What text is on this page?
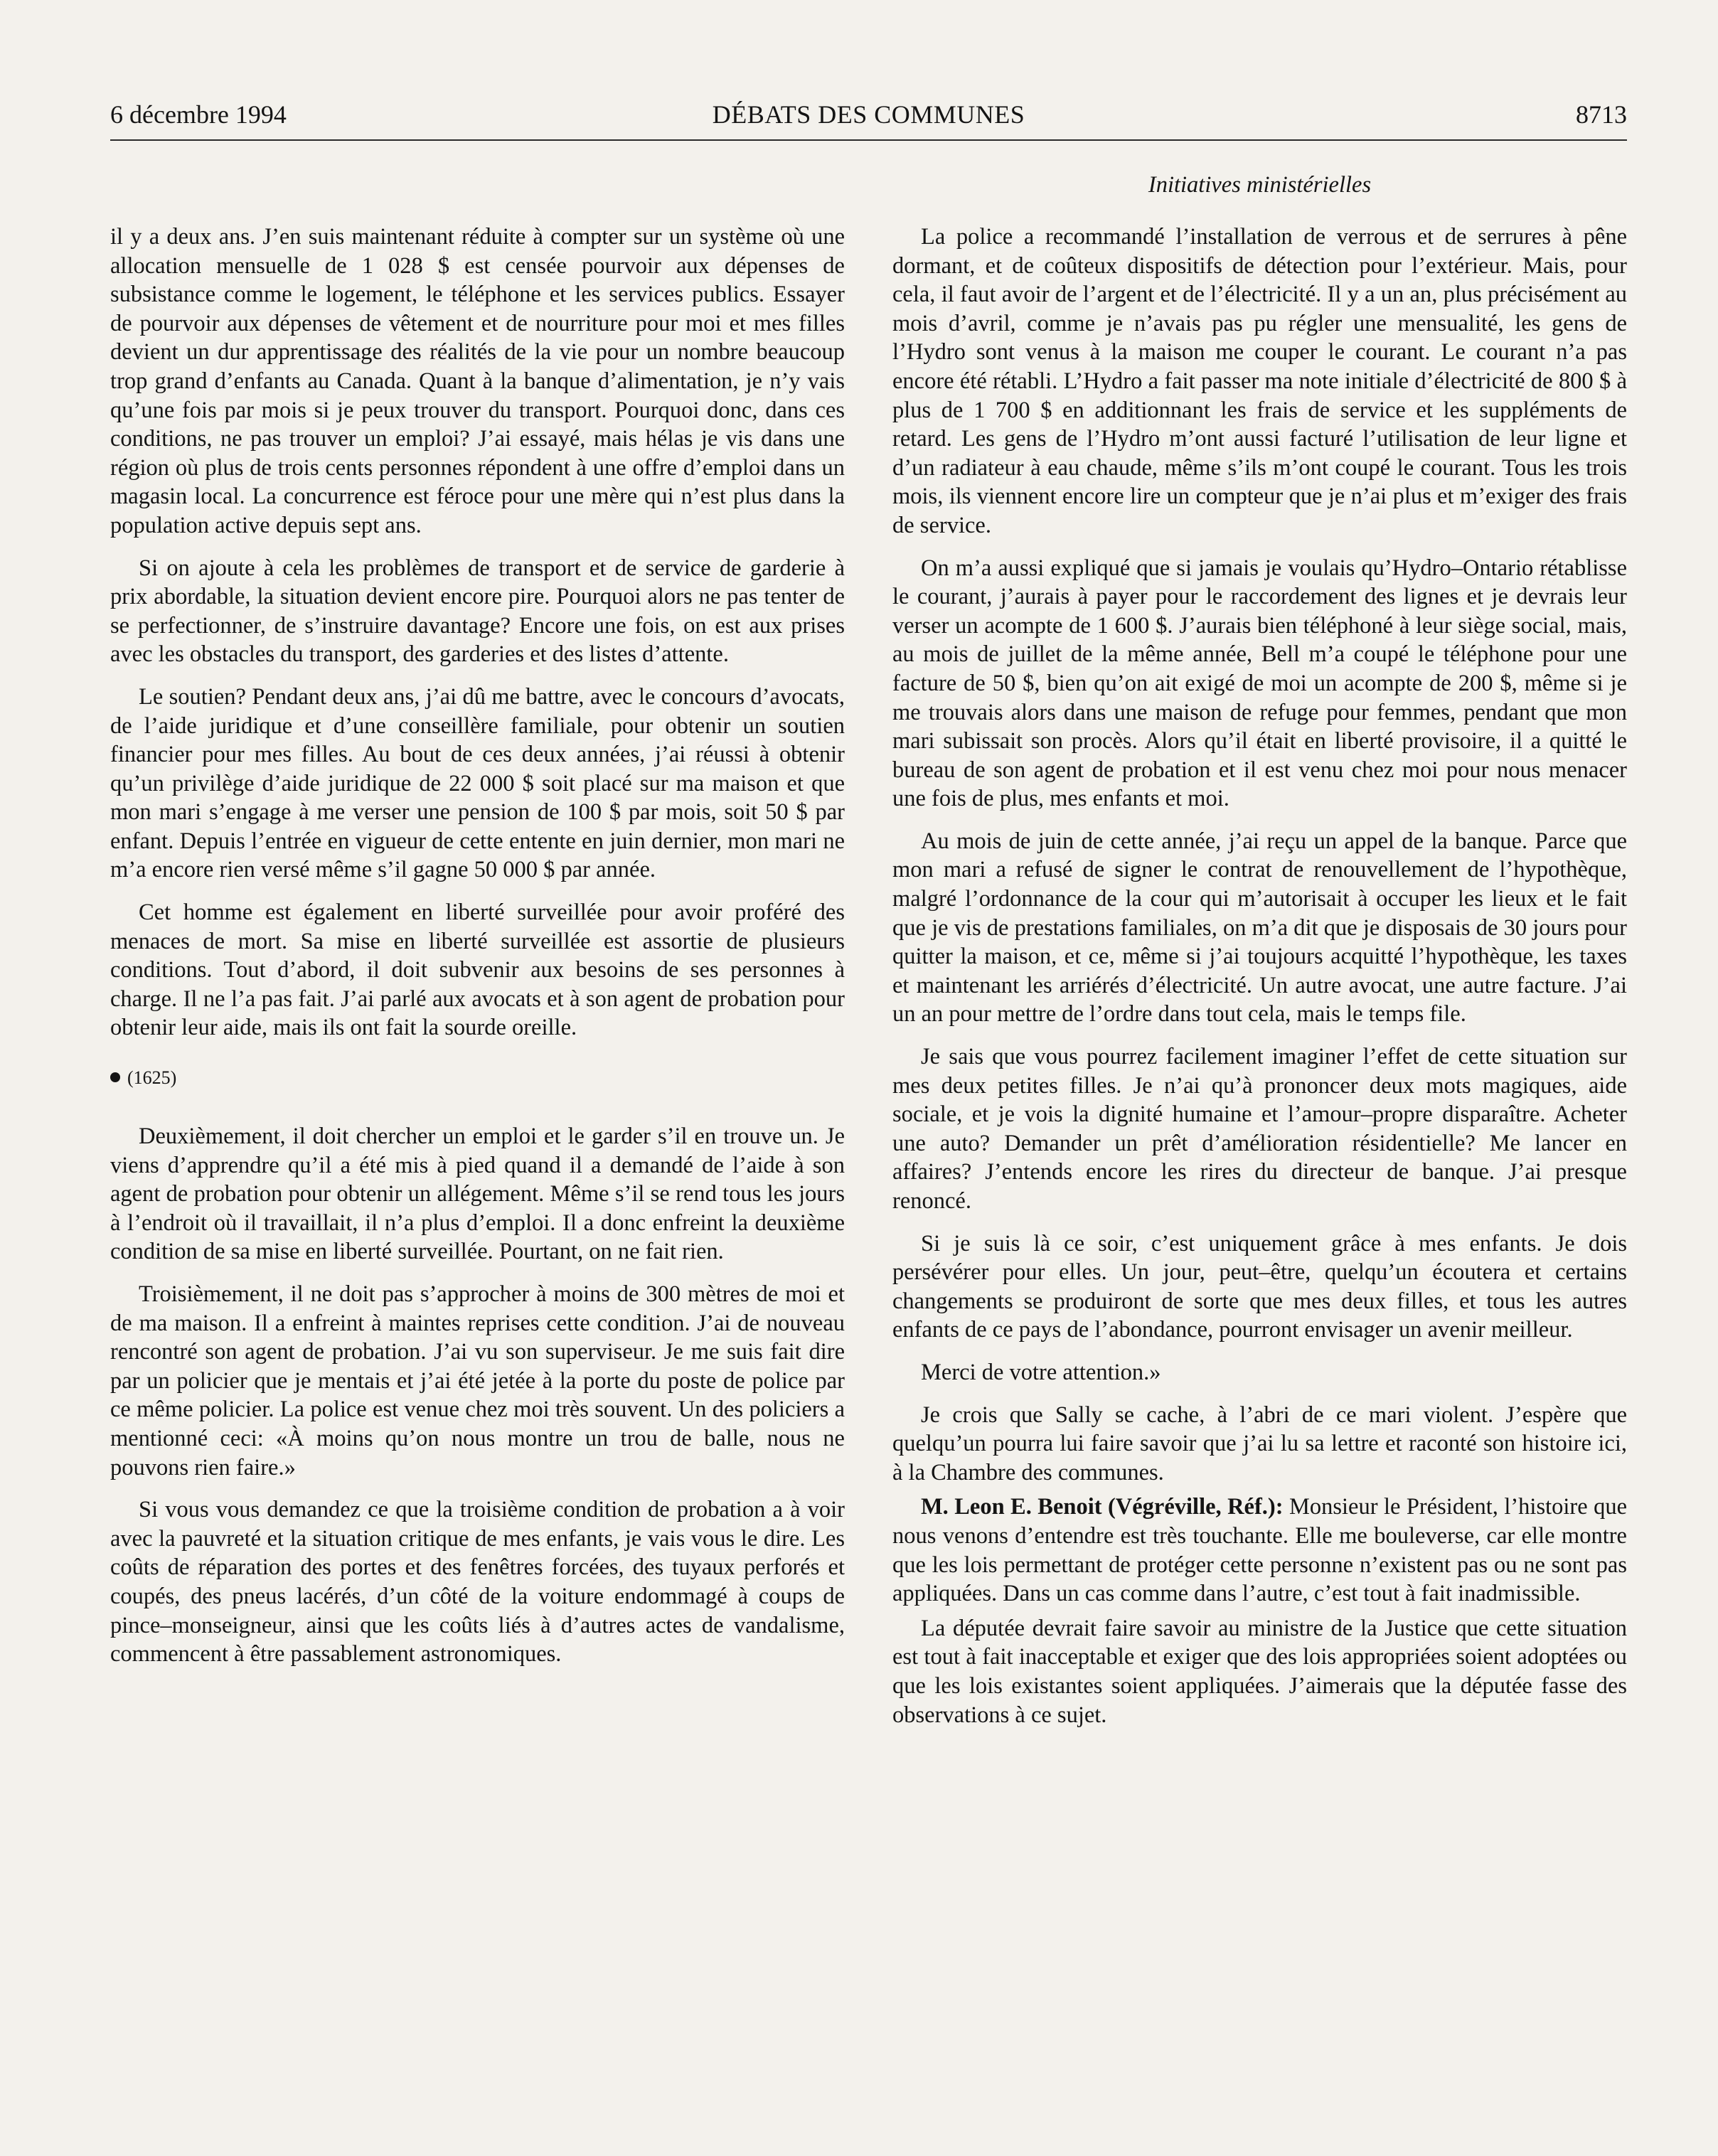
6 décembre 1994	DÉBATS DES COMMUNES	8713
Initiatives ministérielles

il y a deux ans. J’en suis maintenant réduite à compter sur un système où une allocation mensuelle de 1 028 $ est censée pourvoir aux dépenses de subsistance comme le logement, le téléphone et les services publics. Essayer de pourvoir aux dépenses de vêtement et de nourriture pour moi et mes filles devient un dur apprentissage des réalités de la vie pour un nombre beaucoup trop grand d’enfants au Canada. Quant à la banque d’alimentation, je n’y vais qu’une fois par mois si je peux trouver du transport. Pourquoi donc, dans ces conditions, ne pas trouver un emploi? J’ai essayé, mais hélas je vis dans une région où plus de trois cents personnes répondent à une offre d’emploi dans un magasin local. La concurrence est féroce pour une mère qui n’est plus dans la population active depuis sept ans.

Si on ajoute à cela les problèmes de transport et de service de garderie à prix abordable, la situation devient encore pire. Pourquoi alors ne pas tenter de se perfectionner, de s’instruire davantage? Encore une fois, on est aux prises avec les obstacles du transport, des garderies et des listes d’attente.

Le soutien? Pendant deux ans, j’ai dû me battre, avec le concours d’avocats, de l’aide juridique et d’une conseillère familiale, pour obtenir un soutien financier pour mes filles. Au bout de ces deux années, j’ai réussi à obtenir qu’un privilège d’aide juridique de 22 000 $ soit placé sur ma maison et que mon mari s’engage à me verser une pension de 100 $ par mois, soit 50 $ par enfant. Depuis l’entrée en vigueur de cette entente en juin dernier, mon mari ne m’a encore rien versé même s’il gagne 50 000 $ par année.

Cet homme est également en liberté surveillée pour avoir proféré des menaces de mort. Sa mise en liberté surveillée est assortie de plusieurs conditions. Tout d’abord, il doit subvenir aux besoins de ses personnes à charge. Il ne l’a pas fait. J’ai parlé aux avocats et à son agent de probation pour obtenir leur aide, mais ils ont fait la sourde oreille.

(1625)

Deuxièmement, il doit chercher un emploi et le garder s’il en trouve un. Je viens d’apprendre qu’il a été mis à pied quand il a demandé de l’aide à son agent de probation pour obtenir un allégement. Même s’il se rend tous les jours à l’endroit où il travaillait, il n’a plus d’emploi. Il a donc enfreint la deuxième condition de sa mise en liberté surveillée. Pourtant, on ne fait rien.

Troisièmement, il ne doit pas s’approcher à moins de 300 mètres de moi et de ma maison. Il a enfreint à maintes reprises cette condition. J’ai de nouveau rencontré son agent de probation. J’ai vu son superviseur. Je me suis fait dire par un policier que je mentais et j’ai été jetée à la porte du poste de police par ce même policier. La police est venue chez moi très souvent. Un des policiers a mentionné ceci: «À moins qu’on nous montre un trou de balle, nous ne pouvons rien faire.»

Si vous vous demandez ce que la troisième condition de probation a à voir avec la pauvreté et la situation critique de mes enfants, je vais vous le dire. Les coûts de réparation des portes et des fenêtres forcées, des tuyaux perforés et coupés, des pneus lacérés, d’un côté de la voiture endommagé à coups de pince–monseigneur, ainsi que les coûts liés à d’autres actes de vandalisme, commencent à être passablement astronomiques.

La police a recommandé l’installation de verrous et de serrures à pêne dormant, et de coûteux dispositifs de détection pour l’extérieur. Mais, pour cela, il faut avoir de l’argent et de l’électricité. Il y a un an, plus précisément au mois d’avril, comme je n’avais pas pu régler une mensualité, les gens de l’Hydro sont venus à la maison me couper le courant. Le courant n’a pas encore été rétabli. L’Hydro a fait passer ma note initiale d’électricité de 800 $ à plus de 1 700 $ en additionnant les frais de service et les suppléments de retard. Les gens de l’Hydro m’ont aussi facturé l’utilisation de leur ligne et d’un radiateur à eau chaude, même s’ils m’ont coupé le courant. Tous les trois mois, ils viennent encore lire un compteur que je n’ai plus et m’exiger des frais de service.

On m’a aussi expliqué que si jamais je voulais qu’Hydro–Ontario rétablisse le courant, j’aurais à payer pour le raccordement des lignes et je devrais leur verser un acompte de 1 600 $. J’aurais bien téléphoné à leur siège social, mais, au mois de juillet de la même année, Bell m’a coupé le téléphone pour une facture de 50 $, bien qu’on ait exigé de moi un acompte de 200 $, même si je me trouvais alors dans une maison de refuge pour femmes, pendant que mon mari subissait son procès. Alors qu’il était en liberté provisoire, il a quitté le bureau de son agent de probation et il est venu chez moi pour nous menacer une fois de plus, mes enfants et moi.

Au mois de juin de cette année, j’ai reçu un appel de la banque. Parce que mon mari a refusé de signer le contrat de renouvellement de l’hypothèque, malgré l’ordonnance de la cour qui m’autorisait à occuper les lieux et le fait que je vis de prestations familiales, on m’a dit que je disposais de 30 jours pour quitter la maison, et ce, même si j’ai toujours acquitté l’hypothèque, les taxes et maintenant les arriérés d’électricité. Un autre avocat, une autre facture. J’ai un an pour mettre de l’ordre dans tout cela, mais le temps file.

Je sais que vous pourrez facilement imaginer l’effet de cette situation sur mes deux petites filles. Je n’ai qu’à prononcer deux mots magiques, aide sociale, et je vois la dignité humaine et l’amour–propre disparaître. Acheter une auto? Demander un prêt d’amélioration résidentielle? Me lancer en affaires? J’entends encore les rires du directeur de banque. J’ai presque renoncé.

Si je suis là ce soir, c’est uniquement grâce à mes enfants. Je dois persévérer pour elles. Un jour, peut–être, quelqu’un écoutera et certains changements se produiront de sorte que mes deux filles, et tous les autres enfants de ce pays de l’abondance, pourront envisager un avenir meilleur.

Merci de votre attention.»

Je crois que Sally se cache, à l’abri de ce mari violent. J’espère que quelqu’un pourra lui faire savoir que j’ai lu sa lettre et raconté son histoire ici, à la Chambre des communes.

M. Leon E. Benoit (Végréville, Réf.): Monsieur le Président, l’histoire que nous venons d’entendre est très touchante. Elle me bouleverse, car elle montre que les lois permettant de protéger cette personne n’existent pas ou ne sont pas appliquées. Dans un cas comme dans l’autre, c’est tout à fait inadmissible.

La députée devrait faire savoir au ministre de la Justice que cette situation est tout à fait inacceptable et exiger que des lois appropriées soient adoptées ou que les lois existantes soient appliquées. J’aimerais que la députée fasse des observations à ce sujet.
